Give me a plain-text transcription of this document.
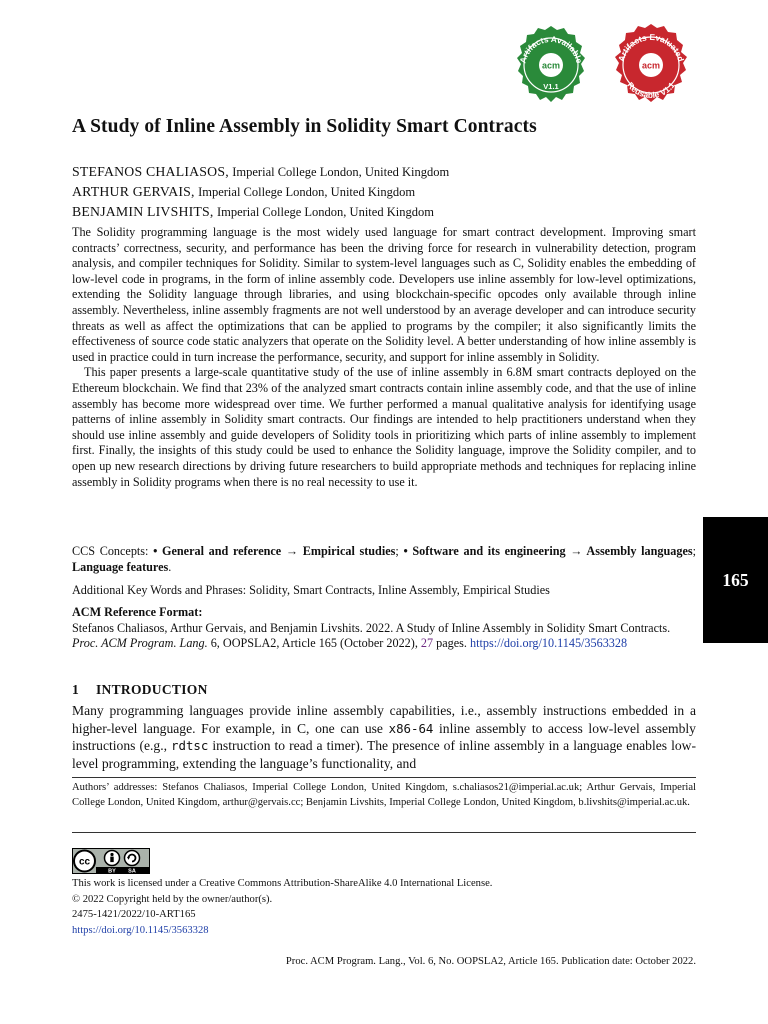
acm
Artifacts Available
V1.1
acm
Artifacts Evaluated
Reusable V1.1
A Study of Inline Assembly in Solidity Smart Contracts
STEFANOS CHALIASOS, Imperial College London, United Kingdom
ARTHUR GERVAIS, Imperial College London, United Kingdom
BENJAMIN LIVSHITS, Imperial College London, United Kingdom

The Solidity programming language is the most widely used language for smart contract development. Improving smart contracts’ correctness, security, and performance has been the driving force for research in vulnerability detection, program analysis, and compiler techniques for Solidity. Similar to system-level languages such as C, Solidity enables the embedding of low-level code in programs, in the form of inline assembly code. Developers use inline assembly for low-level optimizations, extending the Solidity language through libraries, and using blockchain-specific opcodes only available through inline assembly. Nevertheless, inline assembly fragments are not well understood by an average developer and can introduce security threats as well as affect the optimizations that can be applied to programs by the compiler; it also significantly limits the effectiveness of source code static analyzers that operate on the Solidity level. A better understanding of how inline assembly is used in practice could in turn increase the performance, security, and support for inline assembly in Solidity.

This paper presents a large-scale quantitative study of the use of inline assembly in 6.8M smart contracts deployed on the Ethereum blockchain. We find that 23% of the analyzed smart contracts contain inline assembly code, and that the use of inline assembly has become more widespread over time. We further performed a manual qualitative analysis for identifying usage patterns of inline assembly in Solidity smart contracts. Our findings are intended to help practitioners understand when they should use inline assembly and guide developers of Solidity tools in prioritizing which parts of inline assembly to implement first. Finally, the insights of this study could be used to enhance the Solidity language, improve the Solidity compiler, and to open up new research directions by driving future researchers to build appropriate methods and techniques for replacing inline assembly in Solidity programs when there is no real necessity to use it.

CCS Concepts: • General and reference → Empirical studies; • Software and its engineering → Assembly languages; Language features.
Additional Key Words and Phrases: Solidity, Smart Contracts, Inline Assembly, Empirical Studies
ACM Reference Format:
Stefanos Chaliasos, Arthur Gervais, and Benjamin Livshits. 2022. A Study of Inline Assembly in Solidity Smart Contracts. Proc. ACM Program. Lang. 6, OOPSLA2, Article 165 (October 2022), 27 pages. https://doi.org/10.1145/3563328
1 INTRODUCTION
Many programming languages provide inline assembly capabilities, i.e., assembly instructions embedded in a higher-level language. For example, in C, one can use x86-64 inline assembly to access low-level assembly instructions (e.g., rdtsc instruction to read a timer). The presence of inline assembly in a language enables low-level programming, extending the language’s functionality, and
Authors’ addresses: Stefanos Chaliasos, Imperial College London, United Kingdom, s.chaliasos21@imperial.ac.uk; Arthur Gervais, Imperial College London, United Kingdom, arthur@gervais.cc; Benjamin Livshits, Imperial College London, United Kingdom, b.livshits@imperial.ac.uk.
cc
BY SA
This work is licensed under a Creative Commons Attribution-ShareAlike 4.0 International License.
© 2022 Copyright held by the owner/author(s).
2475-1421/2022/10-ART165
https://doi.org/10.1145/3563328
Proc. ACM Program. Lang., Vol. 6, No. OOPSLA2, Article 165. Publication date: October 2022.
165
